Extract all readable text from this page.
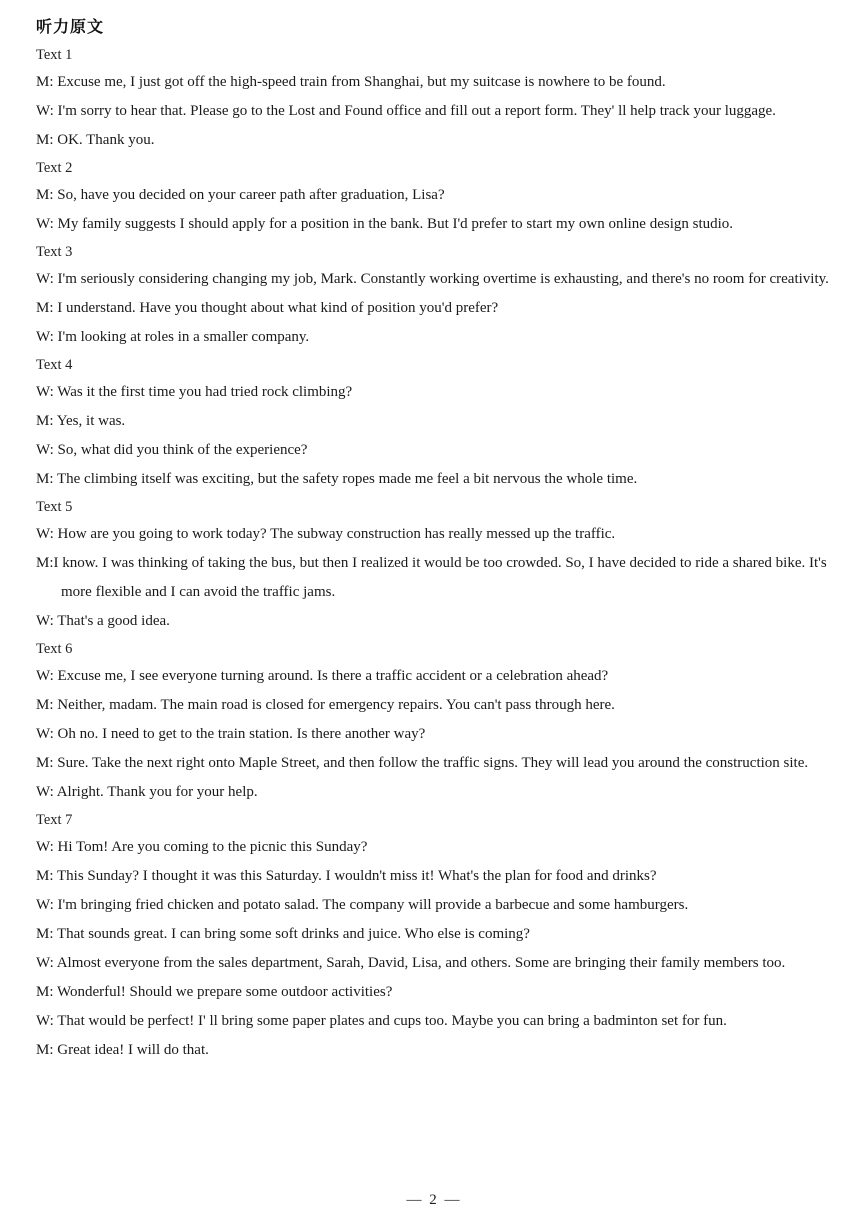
听力原文
Text 1
M: Excuse me, I just got off the high-speed train from Shanghai, but my suitcase is nowhere to be found.
W: I'm sorry to hear that. Please go to the Lost and Found office and fill out a report form. They' ll help track your luggage.
M: OK. Thank you.
Text 2
M: So, have you decided on your career path after graduation, Lisa?
W: My family suggests I should apply for a position in the bank. But I'd prefer to start my own online design studio.
Text 3
W: I'm seriously considering changing my job, Mark. Constantly working overtime is exhausting, and there's no room for creativity.
M: I understand. Have you thought about what kind of position you'd prefer?
W: I'm looking at roles in a smaller company.
Text 4
W: Was it the first time you had tried rock climbing?
M: Yes, it was.
W: So, what did you think of the experience?
M: The climbing itself was exciting, but the safety ropes made me feel a bit nervous the whole time.
Text 5
W: How are you going to work today? The subway construction has really messed up the traffic.
M:I know. I was thinking of taking the bus, but then I realized it would be too crowded. So, I have decided to ride a shared bike. It's more flexible and I can avoid the traffic jams.
W: That's a good idea.
Text 6
W: Excuse me, I see everyone turning around. Is there a traffic accident or a celebration ahead?
M: Neither, madam. The main road is closed for emergency repairs. You can't pass through here.
W: Oh no. I need to get to the train station. Is there another way?
M: Sure. Take the next right onto Maple Street, and then follow the traffic signs. They will lead you around the construction site.
W: Alright. Thank you for your help.
Text 7
W: Hi Tom! Are you coming to the picnic this Sunday?
M: This Sunday? I thought it was this Saturday. I wouldn't miss it! What's the plan for food and drinks?
W: I'm bringing fried chicken and potato salad. The company will provide a barbecue and some hamburgers.
M: That sounds great. I can bring some soft drinks and juice. Who else is coming?
W: Almost everyone from the sales department, Sarah, David, Lisa, and others. Some are bringing their family members too.
M: Wonderful! Should we prepare some outdoor activities?
W: That would be perfect! I' ll bring some paper plates and cups too. Maybe you can bring a badminton set for fun.
M: Great idea! I will do that.
— 2 —
